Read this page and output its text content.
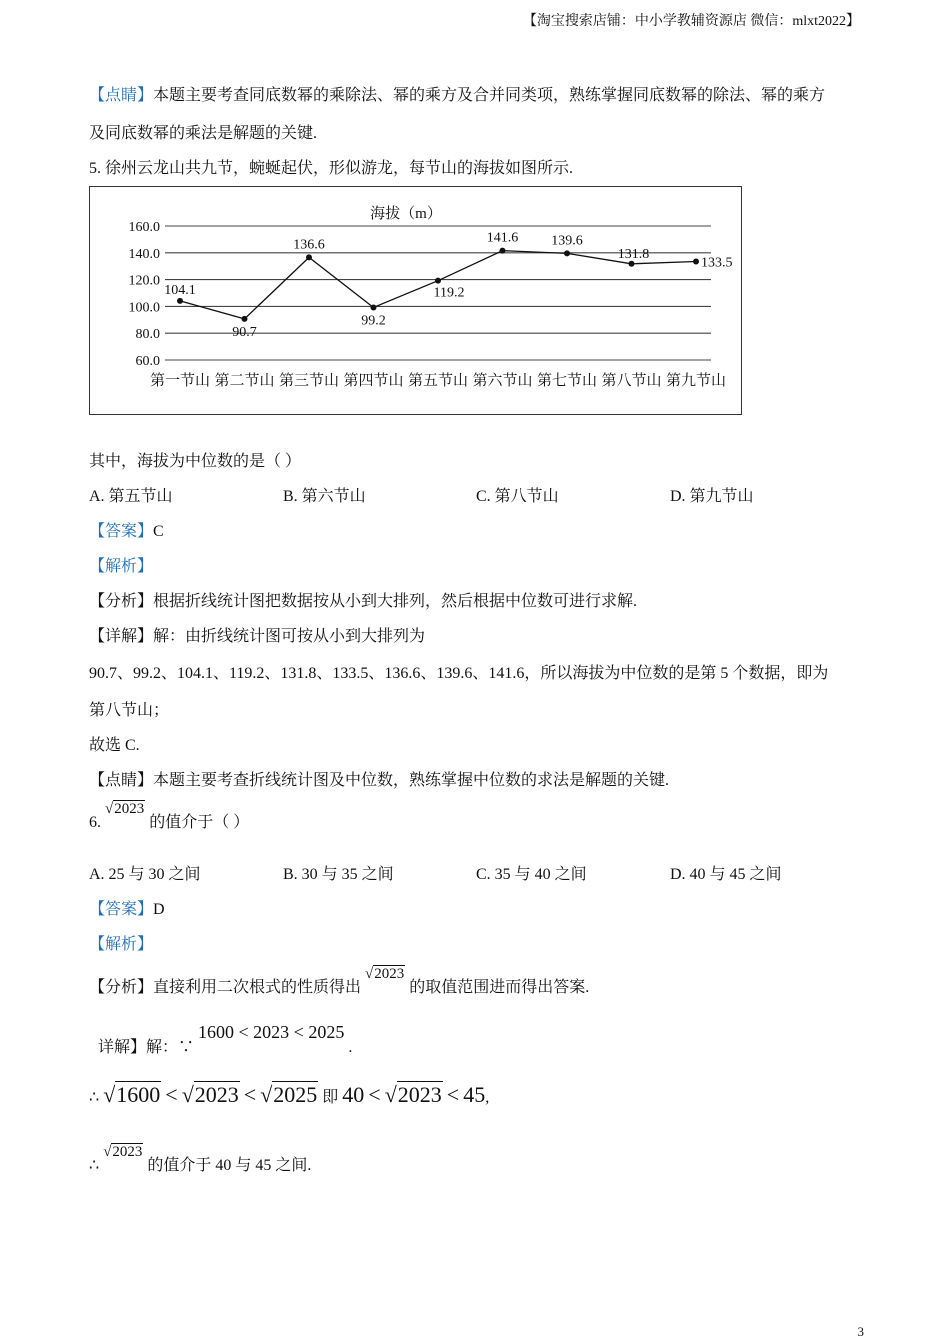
【淘宝搜索店铺：中小学教辅资源店 微信：mlxt2022】
【点睛】本题主要考查同底数幂的乘除法、幂的乘方及合并同类项，熟练掌握同底数幂的除法、幂的乘方
及同底数幂的乘法是解题的关键.
5. 徐州云龙山共九节，蜿蜒起伏，形似游龙，每节山的海拔如图所示.
海拔（m）
160.0
140.0
120.0
100.0
80.0
60.0
第一节山 第二节山 第三节山 第四节山 第五节山 第六节山 第七节山 第八节山 第九节山
104.1
90.7
136.6
99.2
119.2
141.6 139.6
131.8
133.5
其中，海拔为中位数的是（ ）
A. 第五节山	B. 第六节山	C. 第八节山	D. 第九节山
【答案】C
【解析】
【分析】根据折线统计图把数据按从小到大排列，然后根据中位数可进行求解.
【详解】解：由折线统计图可按从小到大排列为
90.7、99.2、104.1、119.2、131.8、133.5、136.6、139.6、141.6，所以海拔为中位数的是第 5 个数据，即为
第八节山；
故选 C.
【点睛】本题主要考查折线统计图及中位数，熟练掌握中位数的求法是解题的关键.
6. √2023 的值介于（ ）
A. 25 与 30 之间	B. 30 与 35 之间	C. 35 与 40 之间	D. 40 与 45 之间
【答案】D
【解析】
【分析】直接利用二次根式的性质得出 √2023 的取值范围进而得出答案.
详解】解：∵ 1600 < 2023 < 2025 .
∴ √1600 < √2023 < √2025 即 40 < √2023 < 45,
∴ √2023 的值介于 40 与 45 之间.
3
